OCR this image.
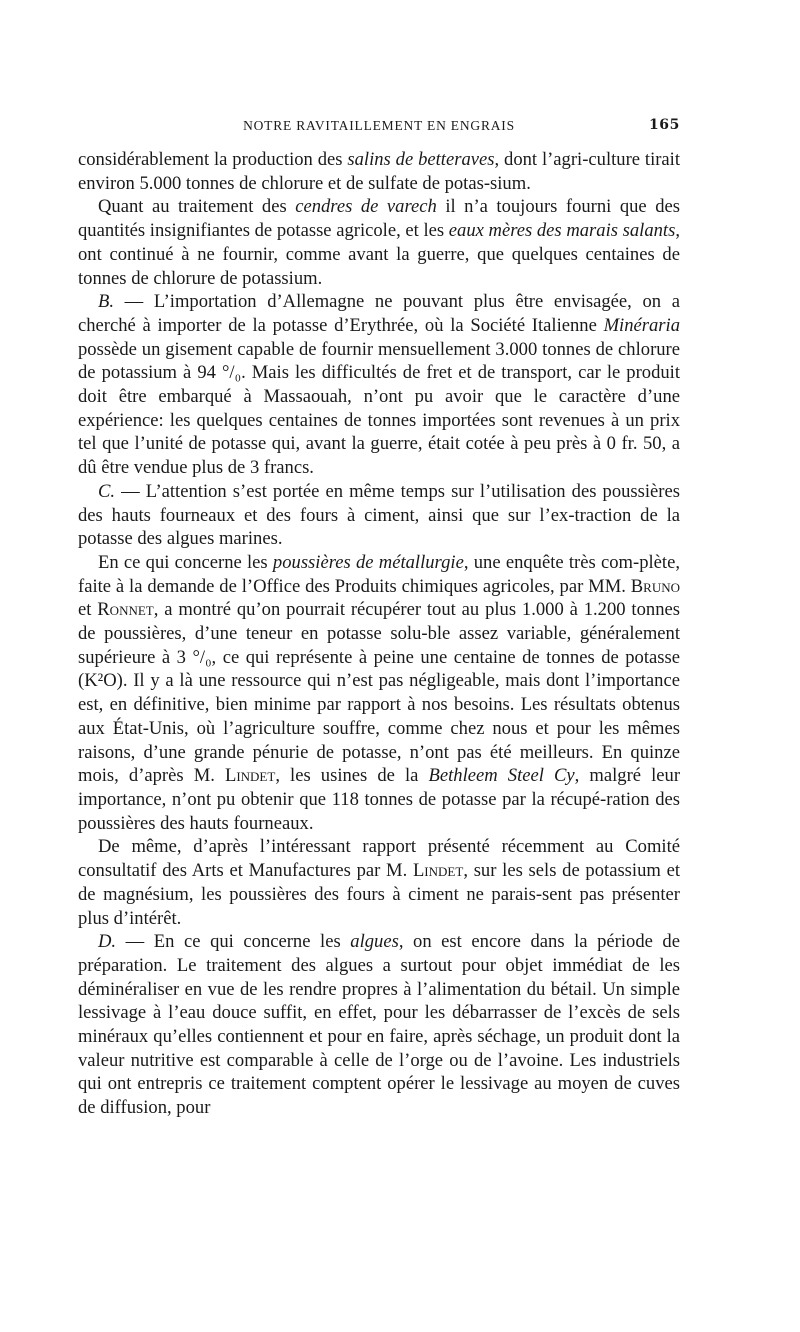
NOTRE RAVITAILLEMENT EN ENGRAIS	165

considérablement la production des salins de betteraves, dont l’agri-culture tirait environ 5.000 tonnes de chlorure et de sulfate de potas-sium.

Quant au traitement des cendres de varech il n’a toujours fourni que des quantités insignifiantes de potasse agricole, et les eaux mères des marais salants, ont continué à ne fournir, comme avant la guerre, que quelques centaines de tonnes de chlorure de potassium.

B. — L’importation d’Allemagne ne pouvant plus être envisagée, on a cherché à importer de la potasse d’Erythrée, où la Société Italienne Minéraria possède un gisement capable de fournir mensuellement 3.000 tonnes de chlorure de potassium à 94 °/₀. Mais les difficultés de fret et de transport, car le produit doit être embarqué à Massaouah, n’ont pu avoir que le caractère d’une expérience: les quelques centaines de tonnes importées sont revenues à un prix tel que l’unité de potasse qui, avant la guerre, était cotée à peu près à 0 fr. 50, a dû être vendue plus de 3 francs.

C. — L’attention s’est portée en même temps sur l’utilisation des poussières des hauts fourneaux et des fours à ciment, ainsi que sur l’ex-traction de la potasse des algues marines.

En ce qui concerne les poussières de métallurgie, une enquête très com-plète, faite à la demande de l’Office des Produits chimiques agricoles, par MM. Bruno et Ronnet, a montré qu’on pourrait récupérer tout au plus 1.000 à 1.200 tonnes de poussières, d’une teneur en potasse solu-ble assez variable, généralement supérieure à 3 °/₀, ce qui représente à peine une centaine de tonnes de potasse (K²O). Il y a là une ressource qui n’est pas négligeable, mais dont l’importance est, en définitive, bien minime par rapport à nos besoins. Les résultats obtenus aux État-Unis, où l’agriculture souffre, comme chez nous et pour les mêmes raisons, d’une grande pénurie de potasse, n’ont pas été meilleurs. En quinze mois, d’après M. Lindet, les usines de la Bethleem Steel Cy, malgré leur importance, n’ont pu obtenir que 118 tonnes de potasse par la récupé-ration des poussières des hauts fourneaux.

De même, d’après l’intéressant rapport présenté récemment au Comité consultatif des Arts et Manufactures par M. Lindet, sur les sels de potassium et de magnésium, les poussières des fours à ciment ne parais-sent pas présenter plus d’intérêt.

D. — En ce qui concerne les algues, on est encore dans la période de préparation. Le traitement des algues a surtout pour objet immédiat de les déminéraliser en vue de les rendre propres à l’alimentation du bétail. Un simple lessivage à l’eau douce suffit, en effet, pour les débarrasser de l’excès de sels minéraux qu’elles contiennent et pour en faire, après séchage, un produit dont la valeur nutritive est comparable à celle de l’orge ou de l’avoine. Les industriels qui ont entrepris ce traitement comptent opérer le lessivage au moyen de cuves de diffusion, pour
